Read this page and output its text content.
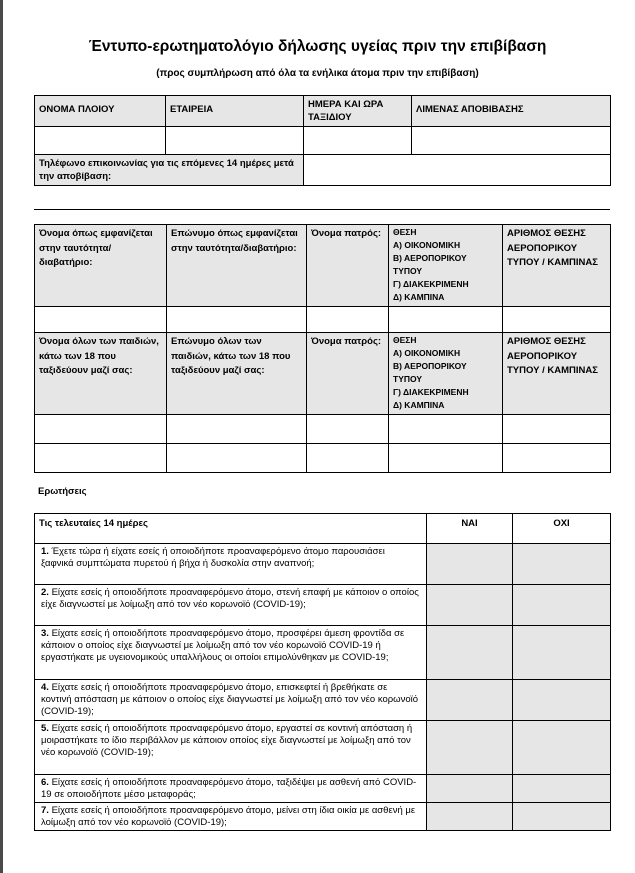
Έντυπο-ερωτηματολόγιο δήλωσης υγείας πριν την επιβίβαση
(προς συμπλήρωση από όλα τα ενήλικα άτομα πριν την επιβίβαση)
ΟΝΟΜΑ ΠΛΟΙΟΥ	ΕΤΑΙΡΕΙΑ	ΗΜΕΡΑ ΚΑΙ ΩΡΑ ΤΑΞΙΔΙΟΥ	ΛΙΜΕΝΑΣ ΑΠΟΒΙΒΑΣΗΣ

Τηλέφωνο επικοινωνίας για τις επόμενες 14 ημέρες μετά την αποβίβαση:			
Όνομα όπως εμφανίζεται στην ταυτότητα/ διαβατήριο:	Επώνυμο όπως εμφανίζεται στην ταυτότητα/διαβατήριο:	Όνομα πατρός:	ΘΕΣΗ
Α) ΟΙΚΟΝΟΜΙΚΗ
Β) ΑΕΡΟΠΟΡΙΚΟΥ ΤΥΠΟΥ
Γ) ΔΙΑΚΕΚΡΙΜΕΝΗ
Δ) ΚΑΜΠΙΝΑ	ΑΡΙΘΜΟΣ ΘΕΣΗΣ ΑΕΡΟΠΟΡΙΚΟΥ ΤΥΠΟΥ / ΚΑΜΠΙΝΑΣ

Όνομα όλων των παιδιών, κάτω των 18 που ταξιδεύουν μαζί σας:	Επώνυμο όλων των παιδιών, κάτω των 18 που ταξιδεύουν μαζί σας:	Όνομα πατρός:	ΘΕΣΗ
Α) ΟΙΚΟΝΟΜΙΚΗ
Β) ΑΕΡΟΠΟΡΙΚΟΥ ΤΥΠΟΥ
Γ) ΔΙΑΚΕΚΡΙΜΕΝΗ
Δ) ΚΑΜΠΙΝΑ	ΑΡΙΘΜΟΣ ΘΕΣΗΣ ΑΕΡΟΠΟΡΙΚΟΥ ΤΥΠΟΥ / ΚΑΜΠΙΝΑΣ

Ερωτήσεις
Τις τελευταίες 14 ημέρες	ΝΑΙ	ΟΧΙ
1. Έχετε τώρα ή είχατε εσείς ή οποιοδήποτε προαναφερόμενο άτομο παρουσιάσει ξαφνικά συμπτώματα πυρετού ή βήχα ή δυσκολία στην αναπνοή;		
2. Είχατε εσείς ή οποιοδήποτε προαναφερόμενο άτομο, στενή επαφή με κάποιον ο οποίος είχε διαγνωστεί με λοίμωξη από τον νέο κορωνοϊό (COVID-19);		
3. Είχατε εσείς ή οποιοδήποτε προαναφερόμενο άτομο, προσφέρει άμεση φροντίδα σε κάποιον ο οποίος είχε διαγνωστεί με λοίμωξη από τον νέο κορωνοϊό COVID-19 ή εργαστήκατε με υγειονομικούς υπαλλήλους οι οποίοι επιμολύνθηκαν με COVID-19;		
4. Είχατε εσείς ή οποιοδήποτε προαναφερόμενο άτομο, επισκεφτεί ή βρεθήκατε σε κοντινή απόσταση με κάποιον ο οποίος είχε διαγνωστεί με λοίμωξη από τον νέο κορωνοϊό (COVID-19);		
5. Είχατε εσείς ή οποιοδήποτε προαναφερόμενο άτομο, εργαστεί σε κοντινή απόσταση ή μοιραστήκατε το ίδιο περιβάλλον με κάποιον οποίος είχε διαγνωστεί με λοίμωξη από τον νέο κορωνοϊό (COVID-19);		
6. Είχατε εσείς ή οποιοδήποτε προαναφερόμενο άτομο, ταξιδέψει με ασθενή από COVID-19 σε οποιοδήποτε μέσο μεταφοράς;		
7. Είχατε εσείς ή οποιοδήποτε προαναφερόμενο άτομο, μείνει στη ίδια οικία με ασθενή με λοίμωξη από τον νέο κορωνοϊό (COVID-19);		
